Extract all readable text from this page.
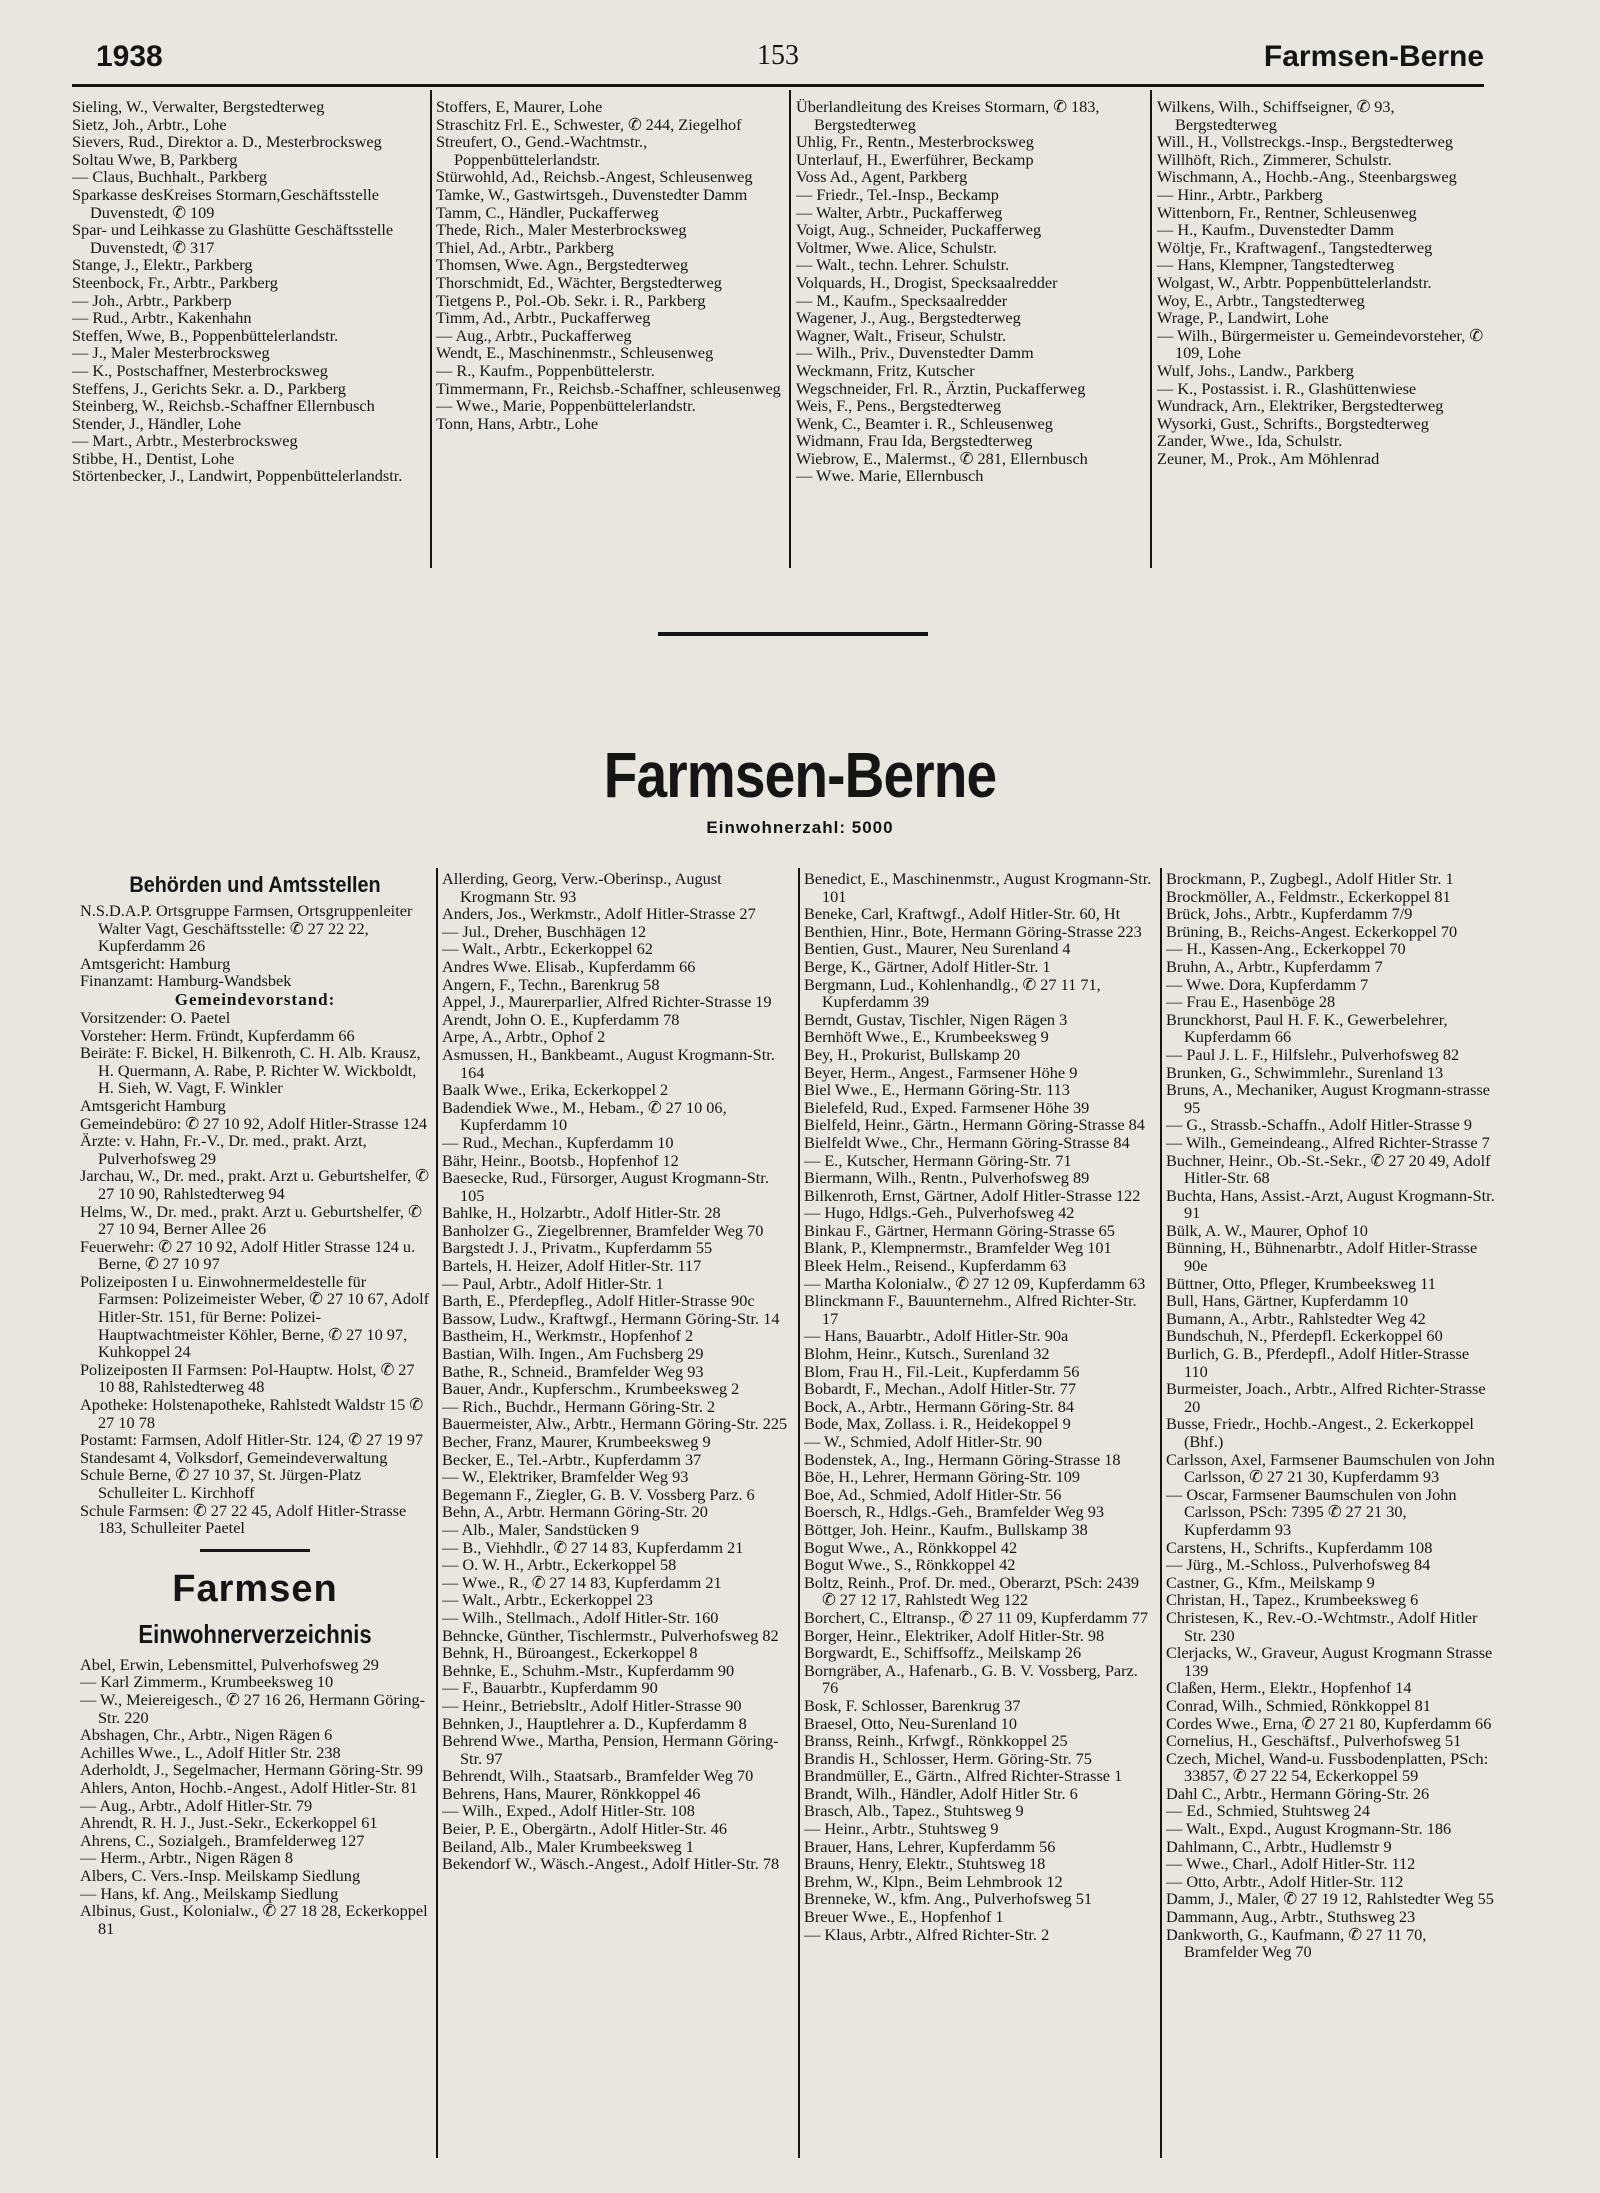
1938	153	Farmsen-Berne
Sieling, W., Verwalter, Bergstedterweg
Sietz, Joh., Arbtr., Lohe
Sievers, Rud., Direktor a. D., Mesterbrocksweg
Soltau Wwe, B, Parkberg
— Claus, Buchhalt., Parkberg
Sparkasse desKreises Stormarn,Geschäftsstelle Duvenstedt, ✆ 109
Spar- und Leihkasse zu Glashütte Geschäftsstelle Duvenstedt, ✆ 317
Stange, J., Elektr., Parkberg
Steenbock, Fr., Arbtr., Parkberg
— Joh., Arbtr., Parkberp
— Rud., Arbtr., Kakenhahn
Steffen, Wwe, B., Poppenbüttelerlandstr.
— J., Maler Mesterbrocksweg
— K., Postschaffner, Mesterbrocksweg
Steffens, J., Gerichts Sekr. a. D., Parkberg
Steinberg, W., Reichsb.-Schaffner Ellernbusch
Stender, J., Händler, Lohe
— Mart., Arbtr., Mesterbrocksweg
Stibbe, H., Dentist, Lohe
Störtenbecker, J., Landwirt, Poppenbüttelerlandstr.
Stoffers, E, Maurer, Lohe
Straschitz Frl. E., Schwester, ✆ 244, Ziegelhof
Streufert, O., Gend.-Wachtmstr., Poppenbüttelerlandstr.
Stürwohld, Ad., Reichsb.-Angest, Schleusenweg
Tamke, W., Gastwirtsgeh., Duvenstedter Damm
Tamm, C., Händler, Puckafferweg
Thede, Rich., Maler Mesterbrocksweg
Thiel, Ad., Arbtr., Parkberg
Thomsen, Wwe. Agn., Bergstedterweg
Thorschmidt, Ed., Wächter, Bergstedterweg
Tietgens P., Pol.-Ob. Sekr. i. R., Parkberg
Timm, Ad., Arbtr., Puckafferweg
— Aug., Arbtr., Puckafferweg
Wendt, E., Maschinenmstr., Schleusenweg
— R., Kaufm., Poppenbüttelerstr.
Timmermann, Fr., Reichsb.-Schaffner, schleusenweg
— Wwe., Marie, Poppenbüttelerlandstr.
Tonn, Hans, Arbtr., Lohe
Überlandleitung des Kreises Stormarn, ✆ 183, Bergstedterweg
Uhlig, Fr., Rentn., Mesterbrocksweg
Unterlauf, H., Ewerführer, Beckamp
Voss Ad., Agent, Parkberg
— Friedr., Tel.-Insp., Beckamp
— Walter, Arbtr., Puckafferweg
Voigt, Aug., Schneider, Puckafferweg
Voltmer, Wwe. Alice, Schulstr.
— Walt., techn. Lehrer. Schulstr.
Volquards, H., Drogist, Specksaalredder
— M., Kaufm., Specksaalredder
Wagener, J., Aug., Bergstedterweg
Wagner, Walt., Friseur, Schulstr.
— Wilh., Priv., Duvenstedter Damm
Weckmann, Fritz, Kutscher
Wegschneider, Frl. R., Ärztin, Puckafferweg
Weis, F., Pens., Bergstedterweg
Wenk, C., Beamter i. R., Schleusenweg
Widmann, Frau Ida, Bergstedterweg
Wiebrow, E., Malermst., ✆ 281, Ellernbusch
— Wwe. Marie, Ellernbusch
Wilkens, Wilh., Schiffseigner, ✆ 93, Bergstedterweg
Will., H., Vollstreckgs.-Insp., Bergstedterweg
Willhöft, Rich., Zimmerer, Schulstr.
Wischmann, A., Hochb.-Ang., Steenbargsweg
— Hinr., Arbtr., Parkberg
Wittenborn, Fr., Rentner, Schleusenweg
— H., Kaufm., Duvenstedter Damm
Wöltje, Fr., Kraftwagenf., Tangstedterweg
— Hans, Klempner, Tangstedterweg
Wolgast, W., Arbtr. Poppenbüttelerlandstr.
Woy, E., Arbtr., Tangstedterweg
Wrage, P., Landwirt, Lohe
— Wilh., Bürgermeister u. Gemeindevorsteher, ✆ 109, Lohe
Wulf, Johs., Landw., Parkberg
— K., Postassist. i. R., Glashüttenwiese
Wundrack, Arn., Elektriker, Bergstedterweg
Wysorki, Gust., Schrifts., Borgstedterweg
Zander, Wwe., Ida, Schulstr.
Zeuner, M., Prok., Am Möhlenrad
Farmsen-Berne
Einwohnerzahl: 5000
Behörden und Amtsstellen
N.S.D.A.P. Ortsgruppe Farmsen, Ortsgruppenleiter Walter Vagt, Geschäftsstelle: ✆ 27 22 22, Kupferdamm 26
Amtsgericht: Hamburg
Finanzamt: Hamburg-Wandsbek
Gemeindevorstand:
Vorsitzender: O. Paetel
Vorsteher: Herm. Fründt, Kupferdamm 66
Beiräte: F. Bickel, H. Bilkenroth, C. H. Alb. Krausz, H. Quermann, A. Rabe, P. Richter W. Wickboldt, H. Sieh, W. Vagt, F. Winkler
Amtsgericht Hamburg
Gemeindebüro: ✆ 27 10 92, Adolf Hitler-Strasse 124
Ärzte: v. Hahn, Fr.-V., Dr. med., prakt. Arzt, Pulverhofsweg 29
Jarchau, W., Dr. med., prakt. Arzt u. Geburtshelfer, ✆ 27 10 90, Rahlstedterweg 94
Helms, W., Dr. med., prakt. Arzt u. Geburtshelfer, ✆ 27 10 94, Berner Allee 26
Feuerwehr: ✆ 27 10 92, Adolf Hitler Strasse 124 u. Berne, ✆ 27 10 97
Polizeiposten I u. Einwohnermeldestelle für Farmsen: Polizeimeister Weber, ✆ 27 10 67, Adolf Hitler-Str. 151, für Berne: Polizei-Hauptwachtmeister Köhler, Berne, ✆ 27 10 97, Kuhkoppel 24
Polizeiposten II Farmsen: Pol-Hauptw. Holst, ✆ 27 10 88, Rahlstedterweg 48
Apotheke: Holstenapotheke, Rahlstedt Waldstr 15 ✆ 27 10 78
Postamt: Farmsen, Adolf Hitler-Str. 124, ✆ 27 19 97
Standesamt 4, Volksdorf, Gemeindeverwaltung
Schule Berne, ✆ 27 10 37, St. Jürgen-Platz Schulleiter L. Kirchhoff
Schule Farmsen: ✆ 27 22 45, Adolf Hitler-Strasse 183, Schulleiter Paetel
Farmsen
Einwohnerverzeichnis
Abel, Erwin, Lebensmittel, Pulverhofsweg 29
— Karl Zimmerm., Krumbeeksweg 10
— W., Meiereigesch., ✆ 27 16 26, Hermann Göring-Str. 220
Abshagen, Chr., Arbtr., Nigen Rägen 6
Achilles Wwe., L., Adolf Hitler Str. 238
Aderholdt, J., Segelmacher, Hermann Göring-Str. 99
Ahlers, Anton, Hochb.-Angest., Adolf Hitler-Str. 81
— Aug., Arbtr., Adolf Hitler-Str. 79
Ahrendt, R. H. J., Just.-Sekr., Eckerkoppel 61
Ahrens, C., Sozialgeh., Bramfelderweg 127
— Herm., Arbtr., Nigen Rägen 8
Albers, C. Vers.-Insp. Meilskamp Siedlung
— Hans, kf. Ang., Meilskamp Siedlung
Albinus, Gust., Kolonialw., ✆ 27 18 28, Eckerkoppel 81
Allerding, Georg, Verw.-Oberinsp., August Krogmann Str. 93
Anders, Jos., Werkmstr., Adolf Hitler-Strasse 27
— Jul., Dreher, Buschhägen 12
— Walt., Arbtr., Eckerkoppel 62
Andres Wwe. Elisab., Kupferdamm 66
Angern, F., Techn., Barenkrug 58
Appel, J., Maurerparlier, Alfred Richter-Strasse 19
Arendt, John O. E., Kupferdamm 78
Arpe, A., Arbtr., Ophof 2
Asmussen, H., Bankbeamt., August Krogmann-Str. 164
Baalk Wwe., Erika, Eckerkoppel 2
Badendiek Wwe., M., Hebam., ✆ 27 10 06, Kupferdamm 10
— Rud., Mechan., Kupferdamm 10
Bähr, Heinr., Bootsb., Hopfenhof 12
Baesecke, Rud., Fürsorger, August Krogmann-Str. 105
Bahlke, H., Holzarbtr., Adolf Hitler-Str. 28
Banholzer G., Ziegelbrenner, Bramfelder Weg 70
Bargstedt J. J., Privatm., Kupferdamm 55
Bartels, H. Heizer, Adolf Hitler-Str. 117
— Paul, Arbtr., Adolf Hitler-Str. 1
Barth, E., Pferdepfleg., Adolf Hitler-Strasse 90c
Bassow, Ludw., Kraftwgf., Hermann Göring-Str. 14
Bastheim, H., Werkmstr., Hopfenhof 2
Bastian, Wilh. Ingen., Am Fuchsberg 29
Bathe, R., Schneid., Bramfelder Weg 93
Bauer, Andr., Kupferschm., Krumbeeksweg 2
— Rich., Buchdr., Hermann Göring-Str. 2
Bauermeister, Alw., Arbtr., Hermann Göring-Str. 225
Becher, Franz, Maurer, Krumbeeksweg 9
Becker, E., Tel.-Arbtr., Kupferdamm 37
— W., Elektriker, Bramfelder Weg 93
Begemann F., Ziegler, G. B. V. Vossberg Parz. 6
Behn, A., Arbtr. Hermann Göring-Str. 20
— Alb., Maler, Sandstücken 9
— B., Viehhdlr., ✆ 27 14 83, Kupferdamm 21
— O. W. H., Arbtr., Eckerkoppel 58
— Wwe., R., ✆ 27 14 83, Kupferdamm 21
— Walt., Arbtr., Eckerkoppel 23
— Wilh., Stellmach., Adolf Hitler-Str. 160
Behncke, Günther, Tischlermstr., Pulverhofsweg 82
Behnk, H., Büroangest., Eckerkoppel 8
Behnke, E., Schuhm.-Mstr., Kupferdamm 90
— F., Bauarbtr., Kupferdamm 90
— Heinr., Betriebsltr., Adolf Hitler-Strasse 90
Behnken, J., Hauptlehrer a. D., Kupferdamm 8
Behrend Wwe., Martha, Pension, Hermann Göring-Str. 97
Behrendt, Wilh., Staatsarb., Bramfelder Weg 70
Behrens, Hans, Maurer, Rönkkoppel 46
— Wilh., Exped., Adolf Hitler-Str. 108
Beier, P. E., Obergärtn., Adolf Hitler-Str. 46
Beiland, Alb., Maler Krumbeeksweg 1
Bekendorf W., Wäsch.-Angest., Adolf Hitler-Str. 78
Benedict, E., Maschinenmstr., August Krogmann-Str. 101
Beneke, Carl, Kraftwgf., Adolf Hitler-Str. 60, Ht
Benthien, Hinr., Bote, Hermann Göring-Strasse 223
Bentien, Gust., Maurer, Neu Surenland 4
Berge, K., Gärtner, Adolf Hitler-Str. 1
Bergmann, Lud., Kohlenhandlg., ✆ 27 11 71, Kupferdamm 39
Berndt, Gustav, Tischler, Nigen Rägen 3
Bernhöft Wwe., E., Krumbeeksweg 9
Bey, H., Prokurist, Bullskamp 20
Beyer, Herm., Angest., Farmsener Höhe 9
Biel Wwe., E., Hermann Göring-Str. 113
Bielefeld, Rud., Exped. Farmsener Höhe 39
Bielfeld, Heinr., Gärtn., Hermann Göring-Strasse 84
Bielfeldt Wwe., Chr., Hermann Göring-Strasse 84
— E., Kutscher, Hermann Göring-Str. 71
Biermann, Wilh., Rentn., Pulverhofsweg 89
Bilkenroth, Ernst, Gärtner, Adolf Hitler-Strasse 122
— Hugo, Hdlgs.-Geh., Pulverhofsweg 42
Binkau F., Gärtner, Hermann Göring-Strasse 65
Blank, P., Klempnermstr., Bramfelder Weg 101
Bleek Helm., Reisend., Kupferdamm 63
— Martha Kolonialw., ✆ 27 12 09, Kupferdamm 63
Blinckmann F., Bauunternehm., Alfred Richter-Str. 17
— Hans, Bauarbtr., Adolf Hitler-Str. 90a
Blohm, Heinr., Kutsch., Surenland 32
Blom, Frau H., Fil.-Leit., Kupferdamm 56
Bobardt, F., Mechan., Adolf Hitler-Str. 77
Bock, A., Arbtr., Hermann Göring-Str. 84
Bode, Max, Zollass. i. R., Heidekoppel 9
— W., Schmied, Adolf Hitler-Str. 90
Bodenstek, A., Ing., Hermann Göring-Strasse 18
Böe, H., Lehrer, Hermann Göring-Str. 109
Boe, Ad., Schmied, Adolf Hitler-Str. 56
Boersch, R., Hdlgs.-Geh., Bramfelder Weg 93
Böttger, Joh. Heinr., Kaufm., Bullskamp 38
Bogut Wwe., A., Rönkkoppel 42
Bogut Wwe., S., Rönkkoppel 42
Boltz, Reinh., Prof. Dr. med., Oberarzt, PSch: 2439 ✆ 27 12 17, Rahlstedt Weg 122
Borchert, C., Eltransp., ✆ 27 11 09, Kupferdamm 77
Borger, Heinr., Elektriker, Adolf Hitler-Str. 98
Borgwardt, E., Schiffsoffz., Meilskamp 26
Borngräber, A., Hafenarb., G. B. V. Vossberg, Parz. 76
Bosk, F. Schlosser, Barenkrug 37
Braesel, Otto, Neu-Surenland 10
Branss, Reinh., Krfwgf., Rönkkoppel 25
Brandis H., Schlosser, Herm. Göring-Str. 75
Brandmüller, E., Gärtn., Alfred Richter-Strasse 1
Brandt, Wilh., Händler, Adolf Hitler Str. 6
Brasch, Alb., Tapez., Stuhtsweg 9
— Heinr., Arbtr., Stuhtsweg 9
Brauer, Hans, Lehrer, Kupferdamm 56
Brauns, Henry, Elektr., Stuhtsweg 18
Brehm, W., Klpn., Beim Lehmbrook 12
Brenneke, W., kfm. Ang., Pulverhofsweg 51
Breuer Wwe., E., Hopfenhof 1
— Klaus, Arbtr., Alfred Richter-Str. 2
Brockmann, P., Zugbegl., Adolf Hitler Str. 1
Brockmöller, A., Feldmstr., Eckerkoppel 81
Brück, Johs., Arbtr., Kupferdamm 7/9
Brüning, B., Reichs-Angest. Eckerkoppel 70
— H., Kassen-Ang., Eckerkoppel 70
Bruhn, A., Arbtr., Kupferdamm 7
— Wwe. Dora, Kupferdamm 7
— Frau E., Hasenböge 28
Brunckhorst, Paul H. F. K., Gewerbelehrer, Kupferdamm 66
— Paul J. L. F., Hilfslehr., Pulverhofsweg 82
Brunken, G., Schwimmlehr., Surenland 13
Bruns, A., Mechaniker, August Krogmann-strasse 95
— G., Strassb.-Schaffn., Adolf Hitler-Strasse 9
— Wilh., Gemeindeang., Alfred Richter-Strasse 7
Buchner, Heinr., Ob.-St.-Sekr., ✆ 27 20 49, Adolf Hitler-Str. 68
Buchta, Hans, Assist.-Arzt, August Krogmann-Str. 91
Bülk, A. W., Maurer, Ophof 10
Bünning, H., Bühnenarbtr., Adolf Hitler-Strasse 90e
Büttner, Otto, Pfleger, Krumbeeksweg 11
Bull, Hans, Gärtner, Kupferdamm 10
Bumann, A., Arbtr., Rahlstedter Weg 42
Bundschuh, N., Pferdepfl. Eckerkoppel 60
Burlich, G. B., Pferdepfl., Adolf Hitler-Strasse 110
Burmeister, Joach., Arbtr., Alfred Richter-Strasse 20
Busse, Friedr., Hochb.-Angest., 2. Eckerkoppel (Bhf.)
Carlsson, Axel, Farmsener Baumschulen von John Carlsson, ✆ 27 21 30, Kupferdamm 93
— Oscar, Farmsener Baumschulen von John Carlsson, PSch: 7395 ✆ 27 21 30, Kupferdamm 93
Carstens, H., Schrifts., Kupferdamm 108
— Jürg., M.-Schloss., Pulverhofsweg 84
Castner, G., Kfm., Meilskamp 9
Christan, H., Tapez., Krumbeeksweg 6
Christesen, K., Rev.-O.-Wchtmstr., Adolf Hitler Str. 230
Clerjacks, W., Graveur, August Krogmann Strasse 139
Claßen, Herm., Elektr., Hopfenhof 14
Conrad, Wilh., Schmied, Rönkkoppel 81
Cordes Wwe., Erna, ✆ 27 21 80, Kupferdamm 66
Cornelius, H., Geschäftsf., Pulverhofsweg 51
Czech, Michel, Wand-u. Fussbodenplatten, PSch: 33857, ✆ 27 22 54, Eckerkoppel 59
Dahl C., Arbtr., Hermann Göring-Str. 26
— Ed., Schmied, Stuhtsweg 24
— Walt., Expd., August Krogmann-Str. 186
Dahlmann, C., Arbtr., Hudlemstr 9
— Wwe., Charl., Adolf Hitler-Str. 112
— Otto, Arbtr., Adolf Hitler-Str. 112
Damm, J., Maler, ✆ 27 19 12, Rahlstedter Weg 55
Dammann, Aug., Arbtr., Stuthsweg 23
Dankworth, G., Kaufmann, ✆ 27 11 70, Bramfelder Weg 70
